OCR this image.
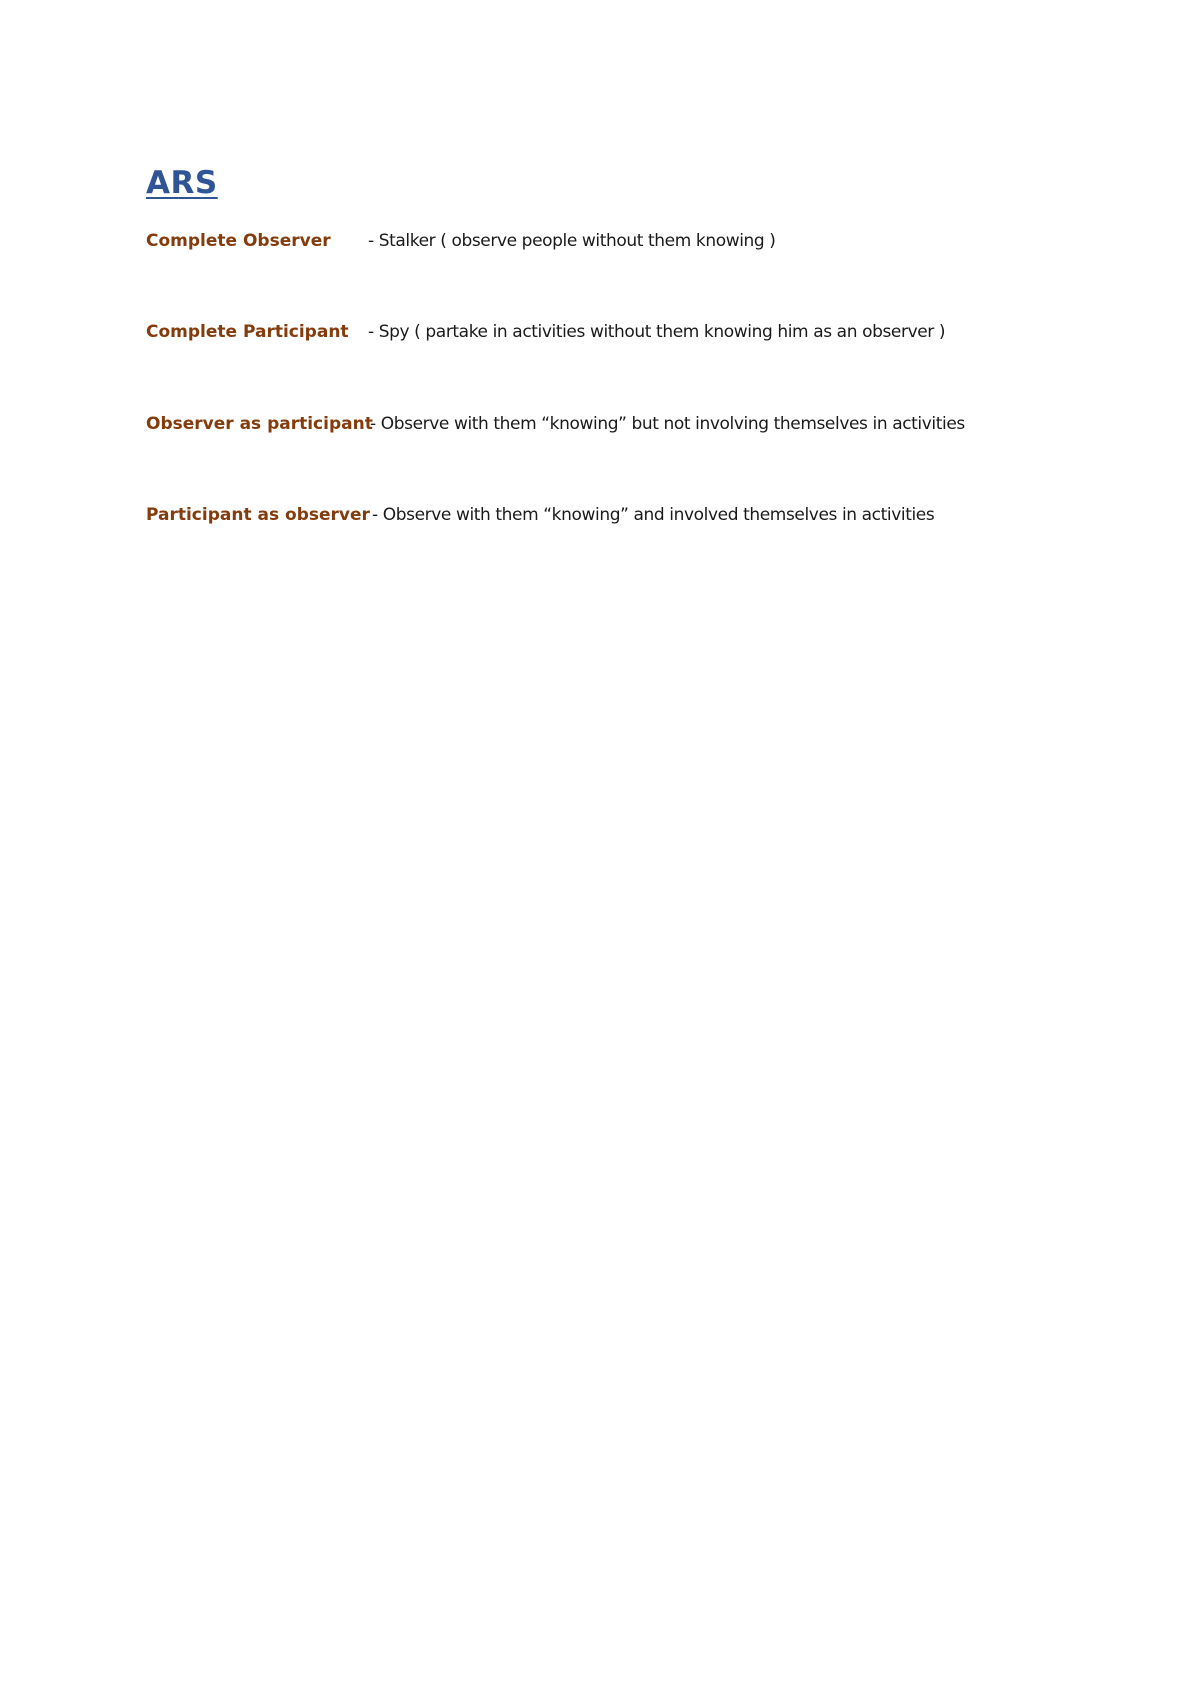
ARS
Complete Observer - Stalker ( observe people without them knowing )
Complete Participant - Spy ( partake in activities without them knowing him as an observer )
Observer as participant
- Observe with them “knowing” but not involving themselves in activities
Participant as observer - Observe with them “knowing” and involved themselves in activities
